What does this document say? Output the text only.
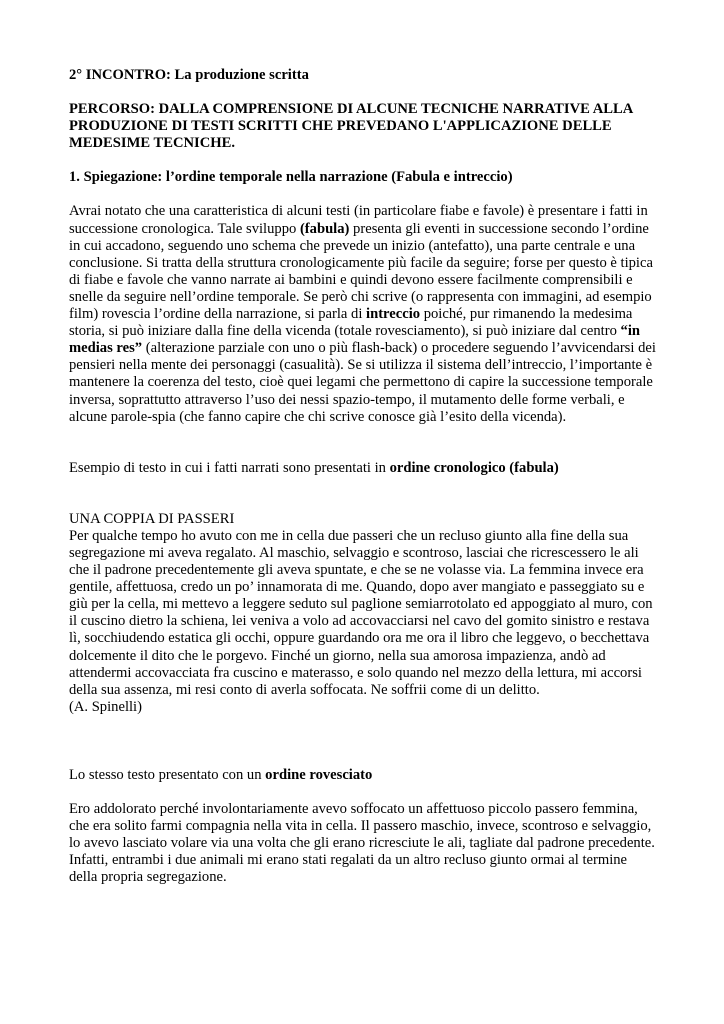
2° INCONTRO: La produzione scritta

PERCORSO: DALLA COMPRENSIONE DI ALCUNE TECNICHE NARRATIVE ALLA PRODUZIONE DI TESTI SCRITTI CHE PREVEDANO L'APPLICAZIONE DELLE MEDESIME TECNICHE.

1. Spiegazione: l’ordine temporale nella narrazione (Fabula e intreccio)

Avrai notato che una caratteristica di alcuni testi (in particolare fiabe e favole) è presentare i fatti in successione cronologica. Tale sviluppo (fabula) presenta gli eventi in successione secondo l’ordine in cui accadono, seguendo uno schema che prevede un inizio (antefatto), una parte centrale e una conclusione. Si tratta della struttura cronologicamente più facile da seguire; forse per questo è tipica di fiabe e favole che vanno narrate ai bambini e quindi devono essere facilmente comprensibili e snelle da seguire nell’ordine temporale. Se però chi scrive (o rappresenta con immagini, ad esempio film) rovescia l’ordine della narrazione, si parla di intreccio poiché, pur rimanendo la medesima storia, si può iniziare dalla fine della vicenda (totale rovesciamento), si può iniziare dal centro “in medias res” (alterazione parziale con uno o più flash-back) o procedere seguendo l’avvicendarsi dei pensieri nella mente dei personaggi (casualità). Se si utilizza il sistema dell’intreccio, l’importante è mantenere la coerenza del testo, cioè quei legami che permettono di capire la successione temporale inversa, soprattutto attraverso l’uso dei nessi spazio-tempo, il mutamento delle forme verbali, e alcune parole-spia (che fanno capire che chi scrive conosce già l’esito della vicenda).

Esempio di testo in cui i fatti narrati sono presentati in ordine cronologico (fabula)

UNA COPPIA DI PASSERI

Per qualche tempo ho avuto con me in cella due passeri che un recluso giunto alla fine della sua segregazione mi aveva regalato. Al maschio, selvaggio e scontroso, lasciai che ricrescessero le ali che il padrone precedentemente gli aveva spuntate, e che se ne volasse via. La femmina invece era gentile, affettuosa, credo un po’ innamorata di me. Quando, dopo aver mangiato e passeggiato su e giù per la cella, mi mettevo a leggere seduto sul paglione semiarrotolato ed appoggiato al muro, con il cuscino dietro la schiena, lei veniva a volo ad accovacciarsi nel cavo del gomito sinistro e restava lì, socchiudendo estatica gli occhi, oppure guardando ora me ora il libro che leggevo, o becchettava dolcemente il dito che le porgevo. Finché un giorno, nella sua amorosa impazienza, andò ad attendermi accovacciata fra cuscino e materasso, e solo quando nel mezzo della lettura, mi accorsi della sua assenza, mi resi conto di averla soffocata. Ne soffrii come di un delitto.

(A. Spinelli)

Lo stesso testo presentato con un ordine rovesciato

Ero addolorato perché involontariamente avevo soffocato un affettuoso piccolo passero femmina, che era solito farmi compagnia nella vita in cella. Il passero maschio, invece, scontroso e selvaggio, lo avevo lasciato volare via una volta che gli erano ricresciute le ali, tagliate dal padrone precedente. Infatti, entrambi i due animali mi erano stati regalati da un altro recluso giunto ormai al termine della propria segregazione.
